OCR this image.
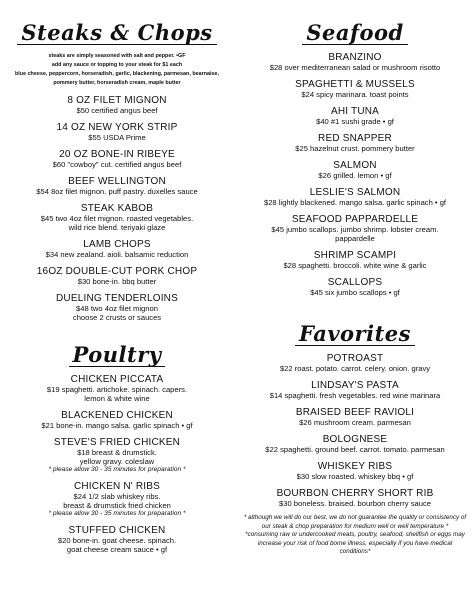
Steaks & Chops
steaks are simply seasoned with salt and pepper. •GF
add any sauce or topping to your steak for $1 each
blue cheese, peppercorn, horseradish, garlic, blackening, parmesan, bearnaise,
pommery butter, horseradish cream, maple butter
8 OZ FILET MIGNON
$50 certified angus beef
14 OZ NEW YORK STRIP
$55 USDA Prime
20 OZ BONE-IN RIBEYE
$60 "cowboy" cut. certified angus beef
BEEF WELLINGTON
$54 8oz filet mignon. puff pastry. duxelles sauce
STEAK KABOB
$45 two 4oz filet mignon. roasted vegetables.
wild rice blend. teriyaki glaze
LAMB CHOPS
$34 new zealand. aioli. balsamic reduction
16OZ DOUBLE-CUT PORK CHOP
$30 bone-in. bbq butter
DUELING TENDERLOINS
$48 two 4oz filet mignon
choose 2 crusts or sauces
Poultry
CHICKEN PICCATA
$19 spaghetti. artichoke. spinach. capers.
lemon & white wine
BLACKENED CHICKEN
$21 bone-in. mango salsa. garlic spinach • gf
STEVE'S FRIED CHICKEN
$18 breast & drumstick.
yellow gravy. coleslaw
* please allow 30 - 35 minutes for preparation *
CHICKEN N' RIBS
$24 1/2 slab whiskey ribs.
breast & drumstick fried chicken
* please allow 30 - 35 minutes for preparation *
STUFFED CHICKEN
$20 bone-in. goat cheese. spinach.
goat cheese cream sauce • gf
Seafood
BRANZINO
$28 over mediterranean salad or mushroom risotto
SPAGHETTI & MUSSELS
$24 spicy marinara. toast points
AHI TUNA
$40 #1 sushi grade • gf
RED SNAPPER
$25 hazelnut crust. pommery butter
SALMON
$26 grilled. lemon • gf
LESLIE'S SALMON
$28 lightly blackened. mango salsa. garlic spinach • gf
SEAFOOD PAPPARDELLE
$45 jumbo scallops. jumbo shrimp. lobster cream.
pappardelle
SHRIMP SCAMPI
$28 spaghetti. broccoli. white wine & garlic
SCALLOPS
$45 six jumbo scallops • gf
Favorites
POTROAST
$22 roast. potato. carrot. celery. onion. gravy
LINDSAY'S PASTA
$14 spaghetti. fresh vegetables. red wine marinara
BRAISED BEEF RAVIOLI
$26 mushroom cream. parmesan
BOLOGNESE
$22 spaghetti. ground beef. carrot. tomato. parmesan
WHISKEY RIBS
$30 slow roasted. whiskey bbq • gf
BOURBON CHERRY SHORT RIB
$30 boneless. braised. bourbon cherry sauce
* although we will do our best, we do not guarantee the quality or consistency of our steak & chop preparation for medium well or well temperature *
*consuming raw or undercooked meats, poultry, seafood, shellfish or eggs may increase your risk of food borne illness, especially if you have medical conditions*
